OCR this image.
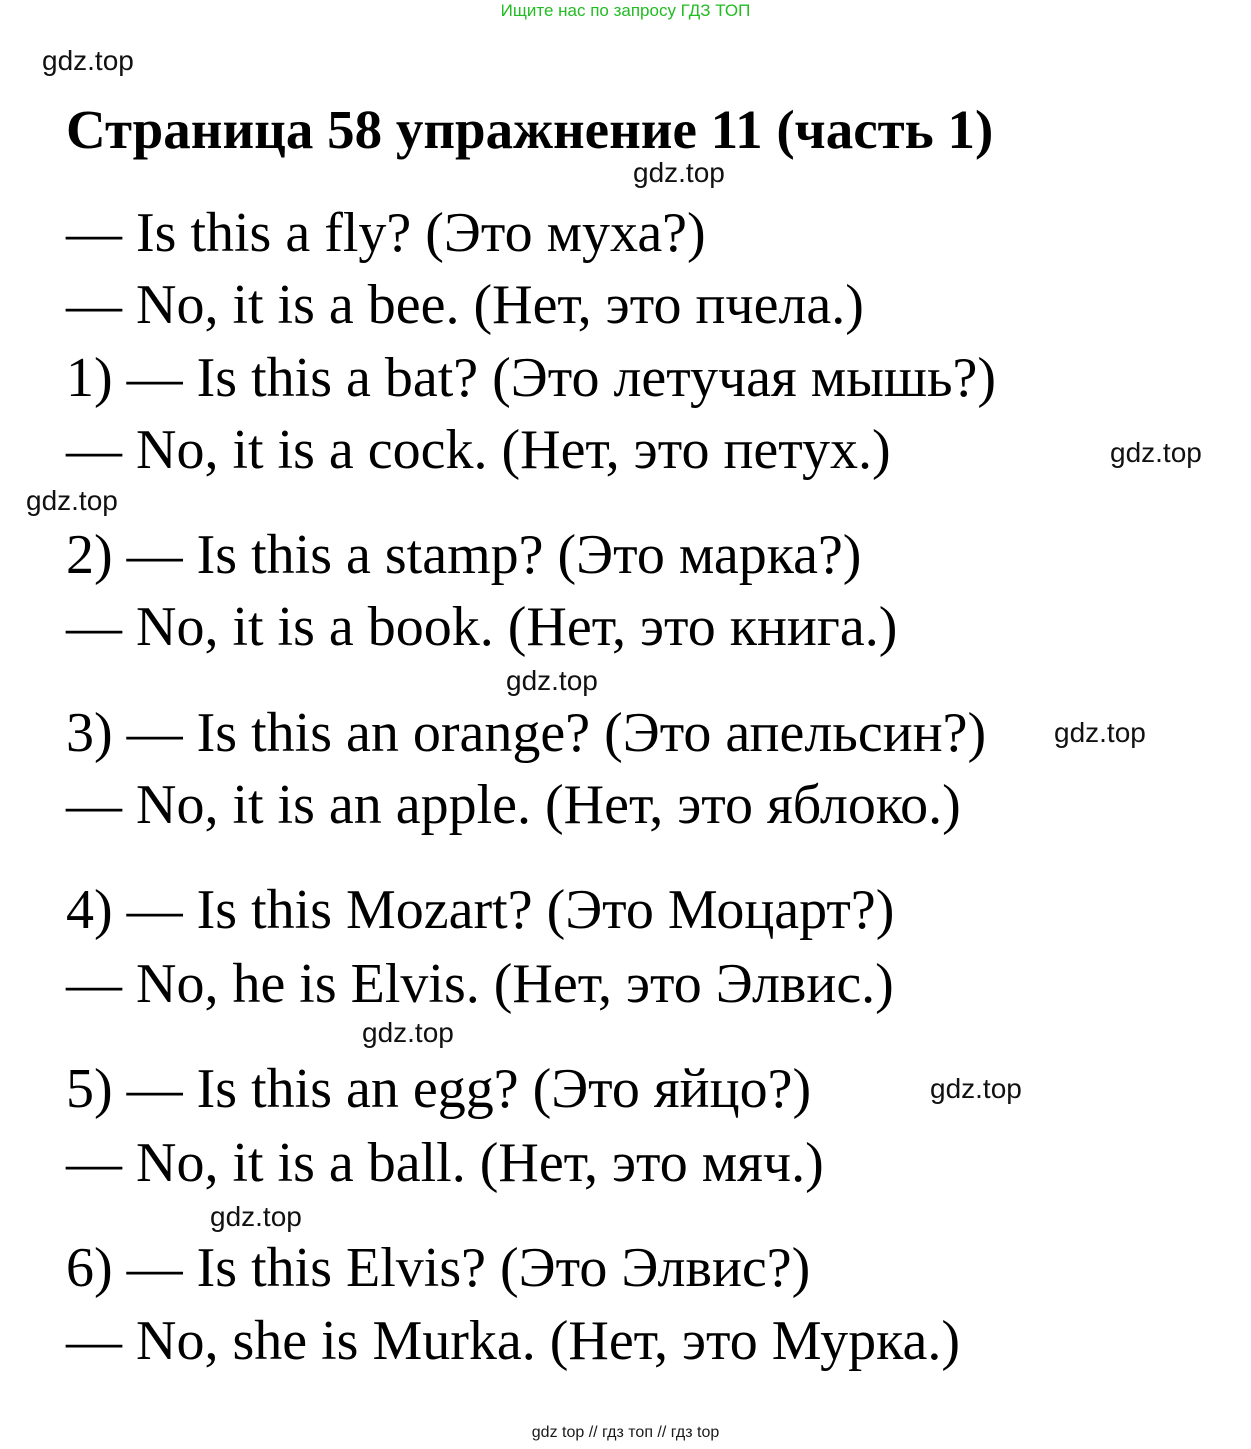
Ищите нас по запросу ГДЗ ТОП
gdz.top
Страница 58 упражнение 11 (часть 1)
gdz.top
— Is this a fly? (Это муха?)
— No, it is a bee. (Нет, это пчела.)
1) — Is this a bat? (Это летучая мышь?)
— No, it is a cock. (Нет, это петух.)	gdz.top
gdz.top
2) — Is this a stamp? (Это марка?)
— No, it is a book. (Нет, это книга.)
gdz.top
3) — Is this an orange? (Это апельсин?) gdz.top
— No, it is an apple. (Нет, это яблоко.)
4) — Is this Mozart? (Это Моцарт?)
— No, he is Elvis. (Нет, это Элвис.)
gdz.top
5) — Is this an egg? (Это яйцо?)	gdz.top
— No, it is a ball. (Нет, это мяч.)
gdz.top
6) — Is this Elvis? (Это Элвис?)
— No, she is Murka. (Нет, это Мурка.)
gdz top // гдз топ // гдз top
